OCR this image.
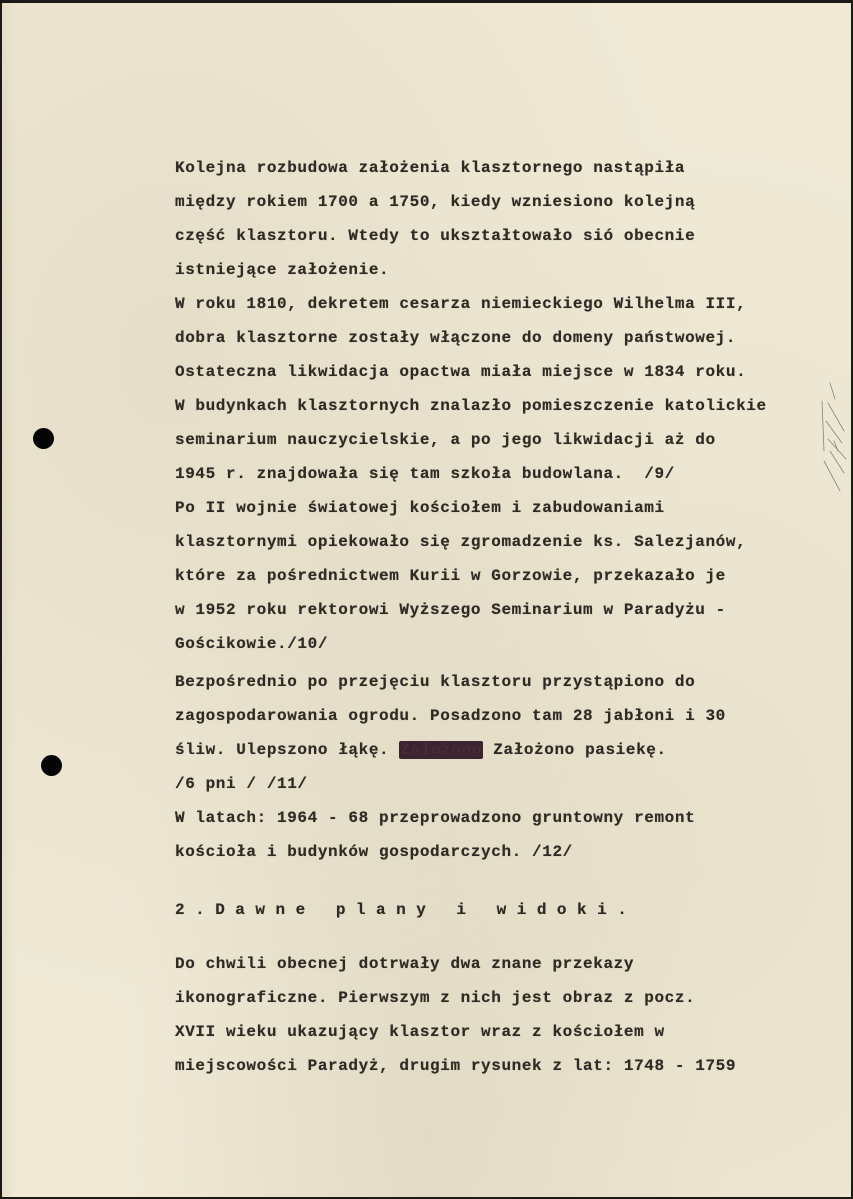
Kolejna rozbudowa założenia klasztornego nastąpiła
między rokiem 1700 a 1750, kiedy wzniesiono kolejną
część klasztoru. Wtedy to ukształtowało sió obecnie
istniejące założenie.
W roku 1810, dekretem cesarza niemieckiego Wilhelma III,
dobra klasztorne zostały włączone do domeny państwowej.
Ostateczna likwidacja opactwa miała miejsce w 1834 roku.
W budynkach klasztornych znalazło pomieszczenie katolickie
seminarium nauczycielskie, a po jego likwidacji aż do
1945 r. znajdowała się tam szkoła budowlana.  /9/
Po II wojnie światowej kościołem i zabudowaniami
klasztornymi opiekowało się zgromadzenie ks. Salezjanów,
które za pośrednictwem Kurii w Gorzowie, przekazało je
w 1952 roku rektorowi Wyższego Seminarium w Paradyżu -
Gościkowie./10/
Bezpośrednio po przejęciu klasztoru przystąpiono do
zagospodarowania ogrodu. Posadzono tam 28 jabłoni i 30
śliw. Ulepszono łąkę. Założono Założono pasiekę.
/6 pni / /11/
W latach: 1964 - 68 przeprowadzono gruntowny remont
kościoła i budynków gospodarczych. /12/
2.Dawne plany i widoki.
Do chwili obecnej dotrwały dwa znane przekazy
ikonograficzne. Pierwszym z nich jest obraz z pocz.
XVII wieku ukazujący klasztor wraz z kościołem w
miejscowości Paradyż, drugim rysunek z lat: 1748 - 1759
